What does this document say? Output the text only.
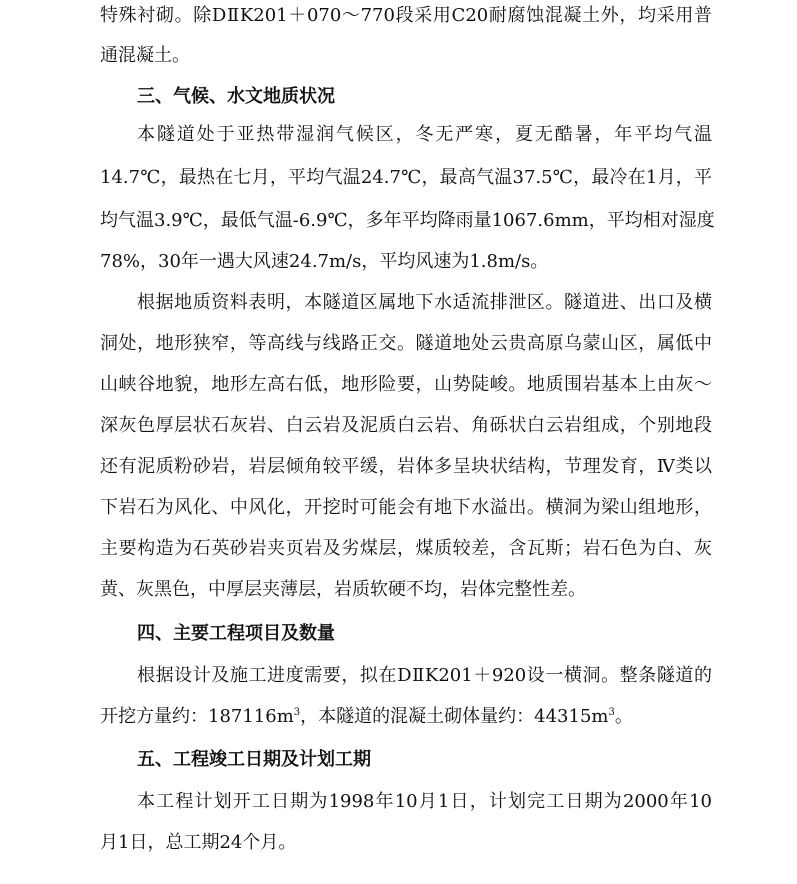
特殊衬砌。除DⅡK201＋070～770段采用C20耐腐蚀混凝土外，均采用普
通混凝土。
三、气候、水文地质状况
本隧道处于亚热带湿润气候区，冬无严寒，夏无酷暑，年平均气温
14.7℃，最热在七月，平均气温24.7℃，最高气温37.5℃，最冷在1月，平
均气温3.9℃，最低气温-6.9℃，多年平均降雨量1067.6mm，平均相对湿度
78%，30年一遇大风速24.7m/s，平均风速为1.8m/s。
根据地质资料表明，本隧道区属地下水适流排泄区。隧道进、出口及横
洞处，地形狭窄，等高线与线路正交。隧道地处云贵高原乌蒙山区，属低中
山峡谷地貌，地形左高右低，地形险要，山势陡峻。地质围岩基本上由灰～
深灰色厚层状石灰岩、白云岩及泥质白云岩、角砾状白云岩组成，个别地段
还有泥质粉砂岩，岩层倾角较平缓，岩体多呈块状结构，节理发育，Ⅳ类以
下岩石为风化、中风化，开挖时可能会有地下水溢出。横洞为梁山组地形，
主要构造为石英砂岩夹页岩及劣煤层，煤质较差，含瓦斯；岩石色为白、灰
黄、灰黑色，中厚层夹薄层，岩质软硬不均，岩体完整性差。
四、主要工程项目及数量
根据设计及施工进度需要，拟在DⅡK201＋920设一横洞。整条隧道的
开挖方量约：$187116m^3$，本隧道的混凝土砌体量约：$44315m^3$。
五、工程竣工日期及计划工期
本工程计划开工日期为1998年10月1日，计划完工日期为2000年10
月1日，总工期24个月。
